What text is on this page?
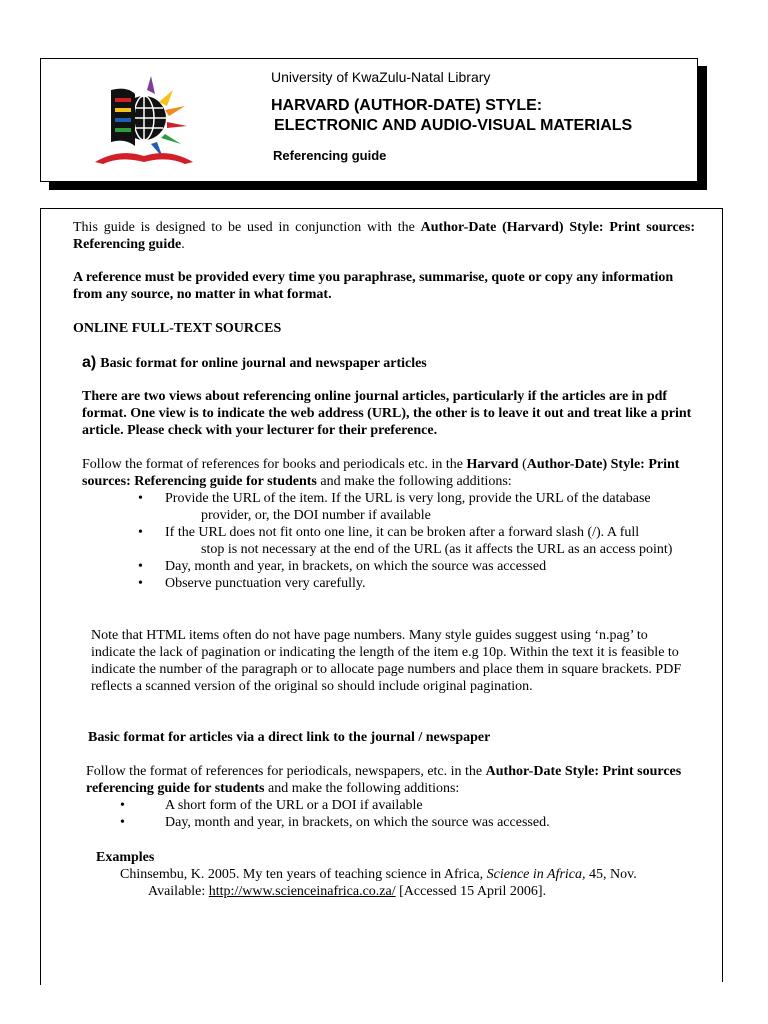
University of KwaZulu-Natal Library
HARVARD (AUTHOR-DATE) STYLE:
ELECTRONIC AND AUDIO-VISUAL MATERIALS
Referencing guide
This guide is designed to be used in conjunction with the Author-Date (Harvard) Style: Print sources: Referencing guide.
A reference must be provided every time you paraphrase, summarise, quote or copy any information from any source, no matter in what format.
ONLINE FULL-TEXT SOURCES
a) Basic format for online journal and newspaper articles
There are two views about referencing online journal articles, particularly if the articles are in pdf format. One view is to indicate the web address (URL), the other is to leave it out and treat like a print article. Please check with your lecturer for their preference.
Follow the format of references for books and periodicals etc. in the Harvard (Author-Date) Style: Print sources: Referencing guide for students and make the following additions:
• Provide the URL of the item. If the URL is very long, provide the URL of the database
provider, or, the DOI number if available
• If the URL does not fit onto one line, it can be broken after a forward slash (/). A full
stop is not necessary at the end of the URL (as it affects the URL as an access point)
• Day, month and year, in brackets, on which the source was accessed
• Observe punctuation very carefully.
Note that HTML items often do not have page numbers. Many style guides suggest using ‘n.pag’ to indicate the lack of pagination or indicating the length of the item e.g 10p. Within the text it is feasible to indicate the number of the paragraph or to allocate page numbers and place them in square brackets. PDF reflects a scanned version of the original so should include original pagination.
Basic format for articles via a direct link to the journal / newspaper
Follow the format of references for periodicals, newspapers, etc. in the Author-Date Style: Print sources referencing guide for students and make the following additions:
•	A short form of the URL or a DOI if available
•	Day, month and year, in brackets, on which the source was accessed.
Examples
Chinsembu, K. 2005. My ten years of teaching science in Africa, Science in Africa, 45, Nov.
Available: http://www.scienceinafrica.co.za/ [Accessed 15 April 2006].
